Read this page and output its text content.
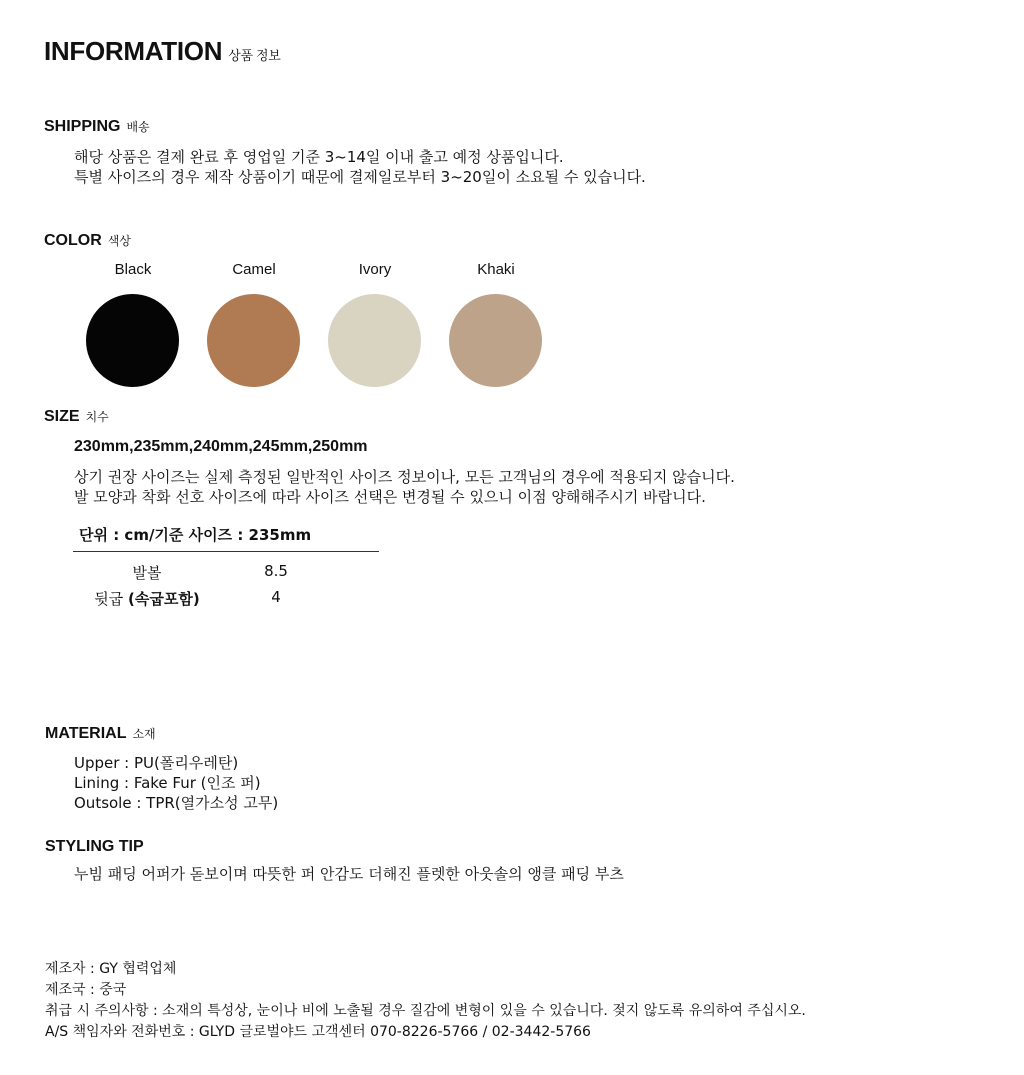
INFORMATION 상품 정보
SHIPPING 배송
해당 상품은 결제 완료 후 영업일 기준 3~14일 이내 출고 예정 상품입니다.
특별 사이즈의 경우 제작 상품이기 때문에 결제일로부터 3~20일이 소요될 수 있습니다.
COLOR 색상
Black	Camel	Ivory	Khaki
SIZE 치수
230mm,235mm,240mm,245mm,250mm
상기 권장 사이즈는 실제 측정된 일반적인 사이즈 정보이나, 모든 고객님의 경우에 적용되지 않습니다.
발 모양과 착화 선호 사이즈에 따라 사이즈 선택은 변경될 수 있으니 이점 양해해주시기 바랍니다.
단위 : cm/기준 사이즈 : 235mm
발볼	8.5
뒷굽 (속굽포함)	4
MATERIAL 소재
Upper : PU(폴리우레탄)
Lining : Fake Fur (인조 퍼)
Outsole : TPR(열가소성 고무)
STYLING TIP
누빔 패딩 어퍼가 돋보이며 따뜻한 퍼 안감도 더해진 플렛한 아웃솔의 앵클 패딩 부츠
제조자 : GY 협력업체
제조국 : 중국
취급 시 주의사항 : 소재의 특성상, 눈이나 비에 노출될 경우 질감에 변형이 있을 수 있습니다. 젖지 않도록 유의하여 주십시오.
A/S 책임자와 전화번호 : GLYD 글로벌야드 고객센터 070-8226-5766 / 02-3442-5766
